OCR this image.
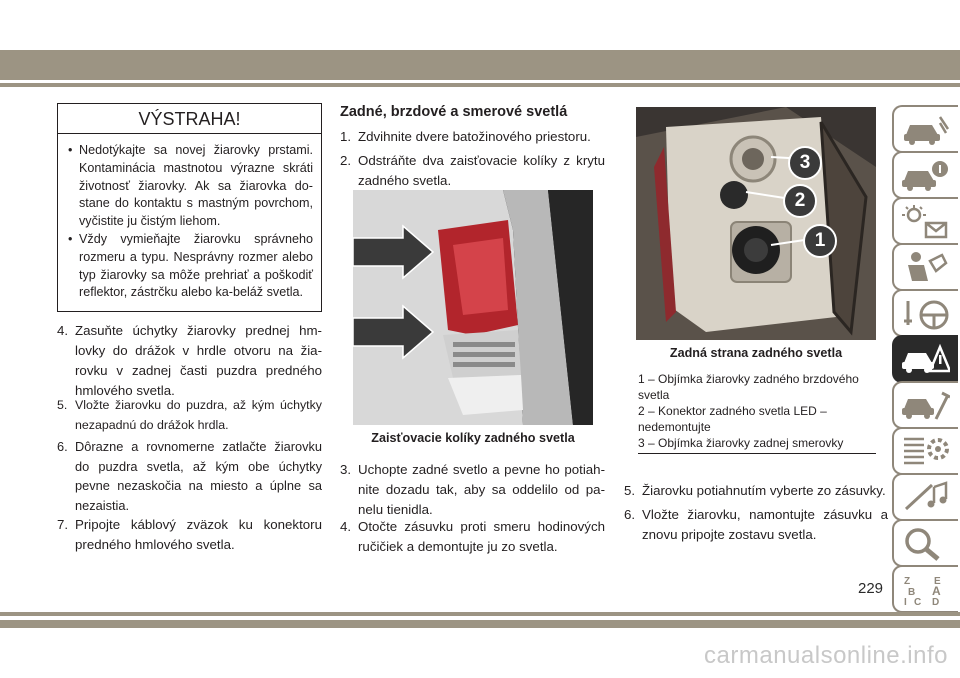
VÝSTRAHA!
• Nedotýkajte sa novej žiarovky prstami. Kontaminácia mastnotou výrazne skráti životnosť žiarovky. Ak sa žiarovka do-stane do kontaktu s mastným povrchom, vyčistite ju čistým liehom.
• Vždy vymieňajte žiarovku správneho rozmeru a typu. Nesprávny rozmer alebo typ žiarovky sa môže prehriať a poškodiť reflektor, zástrčku alebo ka-beláž svetla.
4. Zasuňte úchytky žiarovky prednej hm-lovky do drážok v hrdle otvoru na žia-rovku v zadnej časti puzdra predného hmlového svetla.
5. Vložte žiarovku do puzdra, až kým úchytky nezapadnú do drážok hrdla.
6. Dôrazne a rovnomerne zatlačte žiarovku do puzdra svetla, až kým obe úchytky pevne nezaskočia na miesto a úplne sa nezaistia.
7. Pripojte káblový zväzok ku konektoru predného hmlového svetla.
Zadné, brzdové a smerové svetlá
1. Zdvihnite dvere batožinového priestoru.
2. Odstráňte dva zaisťovacie kolíky z krytu zadného svetla.
Zaisťovacie kolíky zadného svetla
3. Uchopte zadné svetlo a pevne ho potiah-nite dozadu tak, aby sa oddelilo od pa-nelu tienidla.
4. Otočte zásuvku proti smeru hodinových ručičiek a demontujte ju zo svetla.
3
2
1
Zadná strana zadného svetla
1 – Objímka žiarovky zadného brzdového svetla
2 – Konektor zadného svetla LED – nedemontujte
3 – Objímka žiarovky zadnej smerovky
5. Žiarovku potiahnutím vyberte zo zásuvky.
6. Vložte žiarovku, namontujte zásuvku a znovu pripojte zostavu svetla.
Z E
B A
I C D
229
carmanualsonline.info
